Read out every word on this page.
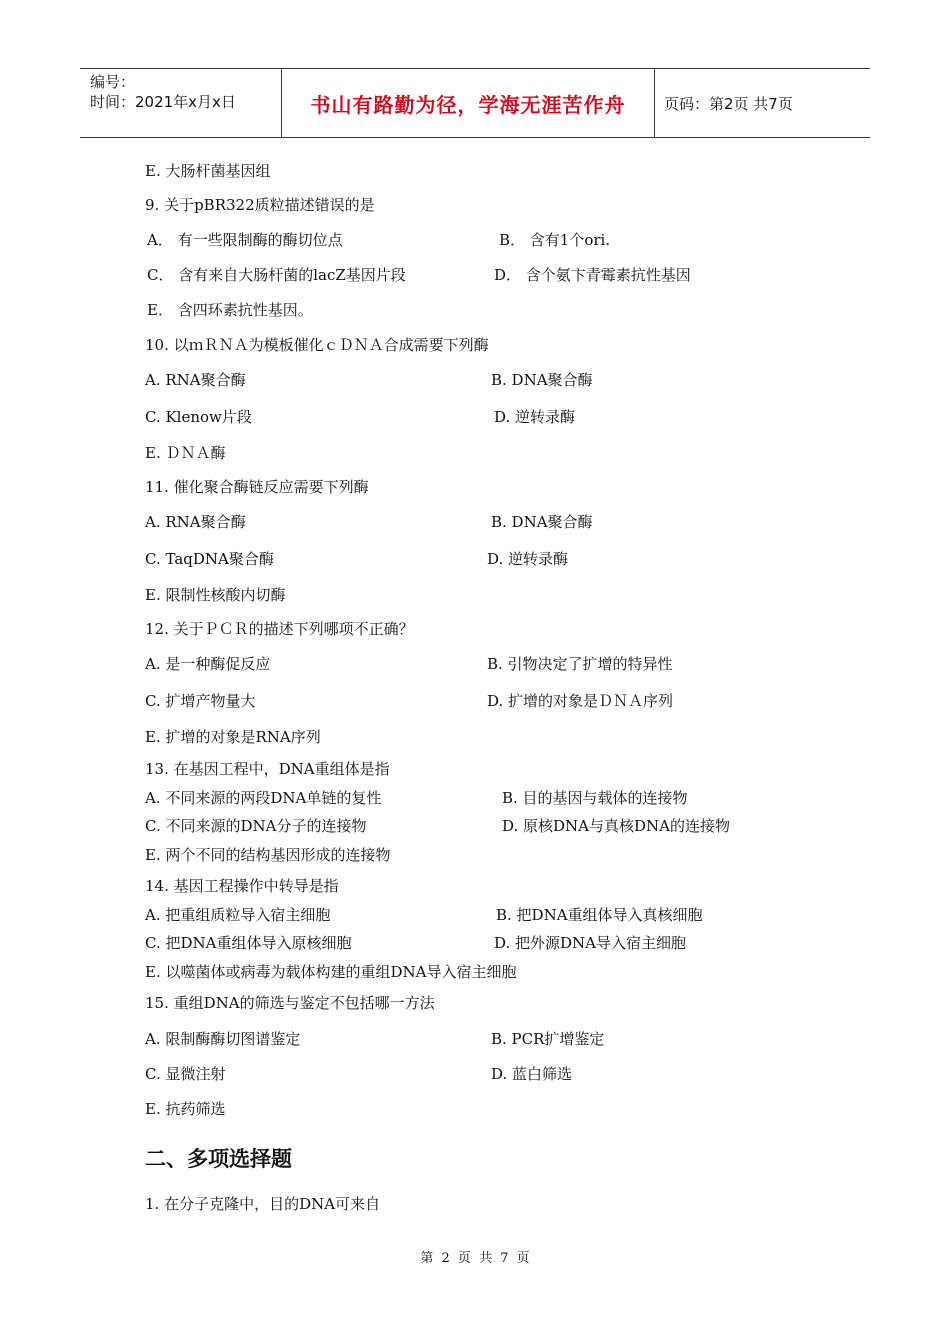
编号：
时间：2021年x月x日	书山有路勤为径，学海无涯苦作舟	页码：第2页 共7页
E. 大肠杆菌基因组
9. 关于pBR322质粒描述错误的是
A． 有一些限制酶的酶切位点	B． 含有1个ori.
C． 含有来自大肠杆菌的lacZ基因片段	D． 含个氨卞青霉素抗性基因
E． 含四环素抗性基因。
10. 以ｍＲＮＡ为模板催化ｃＤＮＡ合成需要下列酶
A. RNA聚合酶	B. DNA聚合酶
C. Klenow片段	D. 逆转录酶
E. ＤＮＡ酶
11. 催化聚合酶链反应需要下列酶
A. RNA聚合酶	B. DNA聚合酶
C. TaqDNA聚合酶	D. 逆转录酶
E. 限制性核酸内切酶
12. 关于ＰＣＲ的描述下列哪项不正确？
A. 是一种酶促反应	B. 引物决定了扩增的特异性
C. 扩增产物量大	D. 扩增的对象是ＤＮＡ序列
E. 扩增的对象是RNA序列
13. 在基因工程中，DNA重组体是指
A. 不同来源的两段DNA单链的复性	B. 目的基因与载体的连接物
C. 不同来源的DNA分子的连接物	D. 原核DNA与真核DNA的连接物
E. 两个不同的结构基因形成的连接物
14. 基因工程操作中转导是指
A. 把重组质粒导入宿主细胞	B. 把DNA重组体导入真核细胞
C. 把DNA重组体导入原核细胞	D. 把外源DNA导入宿主细胞
E. 以噬菌体或病毒为载体构建的重组DNA导入宿主细胞
15. 重组DNA的筛选与鉴定不包括哪一方法
A. 限制酶酶切图谱鉴定	B. PCR扩增鉴定
C. 显微注射	D. 蓝白筛选
E. 抗药筛选
二、多项选择题
1. 在分子克隆中，目的DNA可来自
第 2 页 共 7 页
